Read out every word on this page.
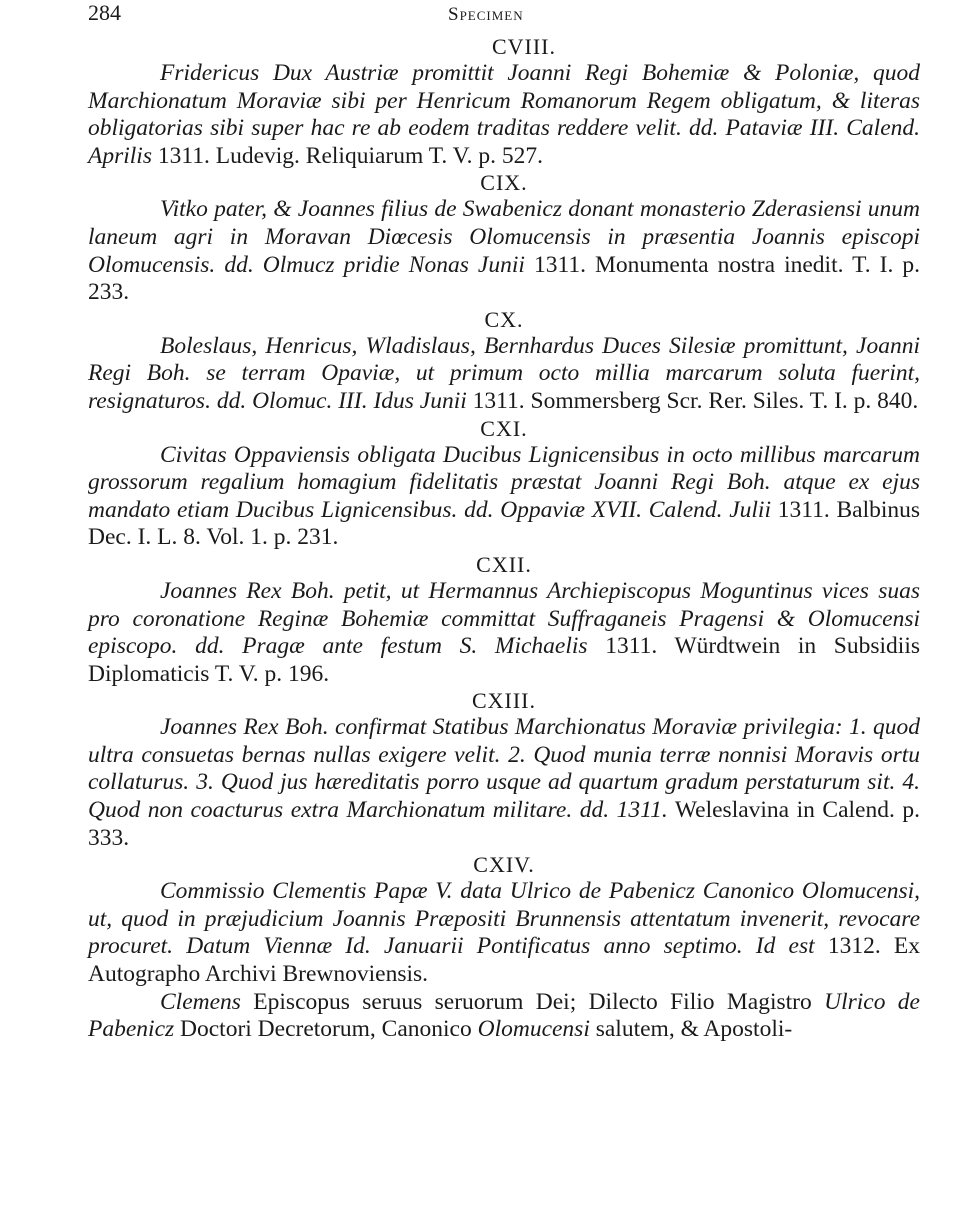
284	Specimen
CVIII.

Fridericus Dux Austriæ promittit Joanni Regi Bohemiæ & Poloniæ, quod Marchionatum Moraviæ sibi per Henricum Romanorum Regem obligatum, & literas obligatorias sibi super hac re ab eodem traditas reddere velit. dd. Pataviæ III. Calend. Aprilis 1311. Ludevig. Reliquiarum T. V. p. 527.

CIX.

Vitko pater, & Joannes filius de Swabenicz donant monasterio Zderasiensi unum laneum agri in Moravan Diœcesis Olomucensis in præsentia Joannis episcopi Olomucensis. dd. Olmucz pridie Nonas Junii 1311. Monumenta nostra inedit. T. I. p. 233.

CX.

Boleslaus, Henricus, Wladislaus, Bernhardus Duces Silesiæ promittunt, Joanni Regi Boh. se terram Opaviæ, ut primum octo millia marcarum soluta fuerint, resignaturos. dd. Olomuc. III. Idus Junii 1311. Sommersberg Scr. Rer. Siles. T. I. p. 840.

CXI.

Civitas Oppaviensis obligata Ducibus Lignicensibus in octo millibus marcarum grossorum regalium homagium fidelitatis præstat Joanni Regi Boh. atque ex ejus mandato etiam Ducibus Lignicensibus. dd. Oppaviæ XVII. Calend. Julii 1311. Balbinus Dec. I. L. 8. Vol. 1. p. 231.

CXII.

Joannes Rex Boh. petit, ut Hermannus Archiepiscopus Moguntinus vices suas pro coronatione Reginæ Bohemiæ committat Suffraganeis Pragensi & Olomucensi episcopo. dd. Pragæ ante festum S. Michaelis 1311. Würdtwein in Subsidiis Diplomaticis T. V. p. 196.

CXIII.

Joannes Rex Boh. confirmat Statibus Marchionatus Moraviæ privilegia: 1. quod ultra consuetas bernas nullas exigere velit. 2. Quod munia terræ nonnisi Moravis ortu collaturus. 3. Quod jus hæreditatis porro usque ad quartum gradum perstaturum sit. 4. Quod non coacturus extra Marchionatum militare. dd. 1311. Weleslavina in Calend. p. 333.

CXIV.

Commissio Clementis Papæ V. data Ulrico de Pabenicz Canonico Olomucensi, ut, quod in præjudicium Joannis Præpositi Brunnensis attentatum invenerit, revocare procuret. Datum Viennæ Id. Januarii Pontificatus anno septimo. Id est 1312. Ex Autographo Archivi Brewnoviensis.

Clemens Episcopus seruus seruorum Dei; Dilecto Filio Magistro Ulrico de Pabenicz Doctori Decretorum, Canonico Olomucensi salutem, & Apostoli-
